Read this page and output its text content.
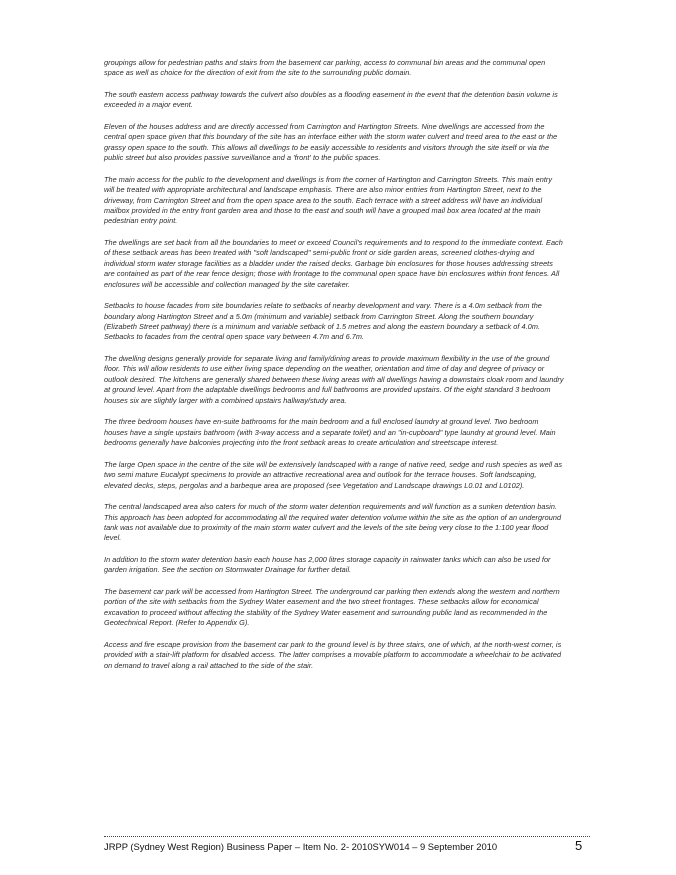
groupings allow for pedestrian paths and stairs from the basement car parking, access to communal bin areas and the communal open space as well as choice for the direction of exit from the site to the surrounding public domain.

The south eastern access pathway towards the culvert also doubles as a flooding easement in the event that the detention basin volume is exceeded in a major event.

Eleven of the houses address and are directly accessed from Carrington and Hartington Streets. Nine dwellings are accessed from the central open space given that this boundary of the site has an interface either with the storm water culvert and treed area to the east or the grassy open space to the south. This allows all dwellings to be easily accessible to residents and visitors through the site itself or via the public street but also provides passive surveillance and a 'front' to the public spaces.

The main access for the public to the development and dwellings is from the corner of Hartington and Carrington Streets. This main entry will be treated with appropriate architectural and landscape emphasis. There are also minor entries from Hartington Street, next to the driveway, from Carrington Street and from the open space area to the south. Each terrace with a street address will have an individual mailbox provided in the entry front garden area and those to the east and south will have a grouped mail box area located at the main pedestrian entry point.

The dwellings are set back from all the boundaries to meet or exceed Council's requirements and to respond to the immediate context. Each of these setback areas has been treated with "soft landscaped" semi-public front or side garden areas, screened clothes-drying and individual storm water storage facilities as a bladder under the raised decks. Garbage bin enclosures for those houses addressing streets are contained as part of the rear fence design; those with frontage to the communal open space have bin enclosures within front fences. All enclosures will be accessible and collection managed by the site caretaker.

Setbacks to house facades from site boundaries relate to setbacks of nearby development and vary. There is a 4.0m setback from the boundary along Hartington Street and a 5.0m (minimum and variable) setback from Carrington Street. Along the southern boundary (Elizabeth Street pathway) there is a minimum and variable setback of 1.5 metres and along the eastern boundary a setback of 4.0m. Setbacks to facades from the central open space vary between 4.7m and 6.7m.

The dwelling designs generally provide for separate living and family/dining areas to provide maximum flexibility in the use of the ground floor. This will allow residents to use either living space depending on the weather, orientation and time of day and degree of privacy or outlook desired. The kitchens are generally shared between these living areas with all dwellings having a downstairs cloak room and laundry at ground level. Apart from the adaptable dwellings bedrooms and full bathrooms are provided upstairs. Of the eight standard 3 bedroom houses six are slightly larger with a combined upstairs hallway/study area.

The three bedroom houses have en-suite bathrooms for the main bedroom and a full enclosed laundry at ground level. Two bedroom houses have a single upstairs bathroom (with 3-way access and a separate toilet) and an "in-cupboard" type laundry at ground level. Main bedrooms generally have balconies projecting into the front setback areas to create articulation and streetscape interest.

The large Open space in the centre of the site will be extensively landscaped with a range of native reed, sedge and rush species as well as two semi mature Eucalypt specimens to provide an attractive recreational area and outlook for the terrace houses. Soft landscaping, elevated decks, steps, pergolas and a barbeque area are proposed (see Vegetation and Landscape drawings L0.01 and L0102).

The central landscaped area also caters for much of the storm water detention requirements and will function as a sunken detention basin. This approach has been adopted for accommodating all the required water detention volume within the site as the option of an underground tank was not available due to proximity of the main storm water culvert and the levels of the site being very close to the 1:100 year flood level.

In addition to the storm water detention basin each house has 2,000 litres storage capacity in rainwater tanks which can also be used for garden irrigation. See the section on Stormwater Drainage for further detail.

The basement car park will be accessed from Hartington Street. The underground car parking then extends along the western and northern portion of the site with setbacks from the Sydney Water easement and the two street frontages. These setbacks allow for economical excavation to proceed without affecting the stability of the Sydney Water easement and surrounding public land as recommended in the Geotechnical Report. (Refer to Appendix G).

Access and fire escape provision from the basement car park to the ground level is by three stairs, one of which, at the north-west corner, is provided with a stair-lift platform for disabled access. The latter comprises a movable platform to accommodate a wheelchair to be activated on demand to travel along a rail attached to the side of the stair.

JRPP (Sydney West Region) Business Paper – Item No. 2- 2010SYW014 – 9 September 2010	5
